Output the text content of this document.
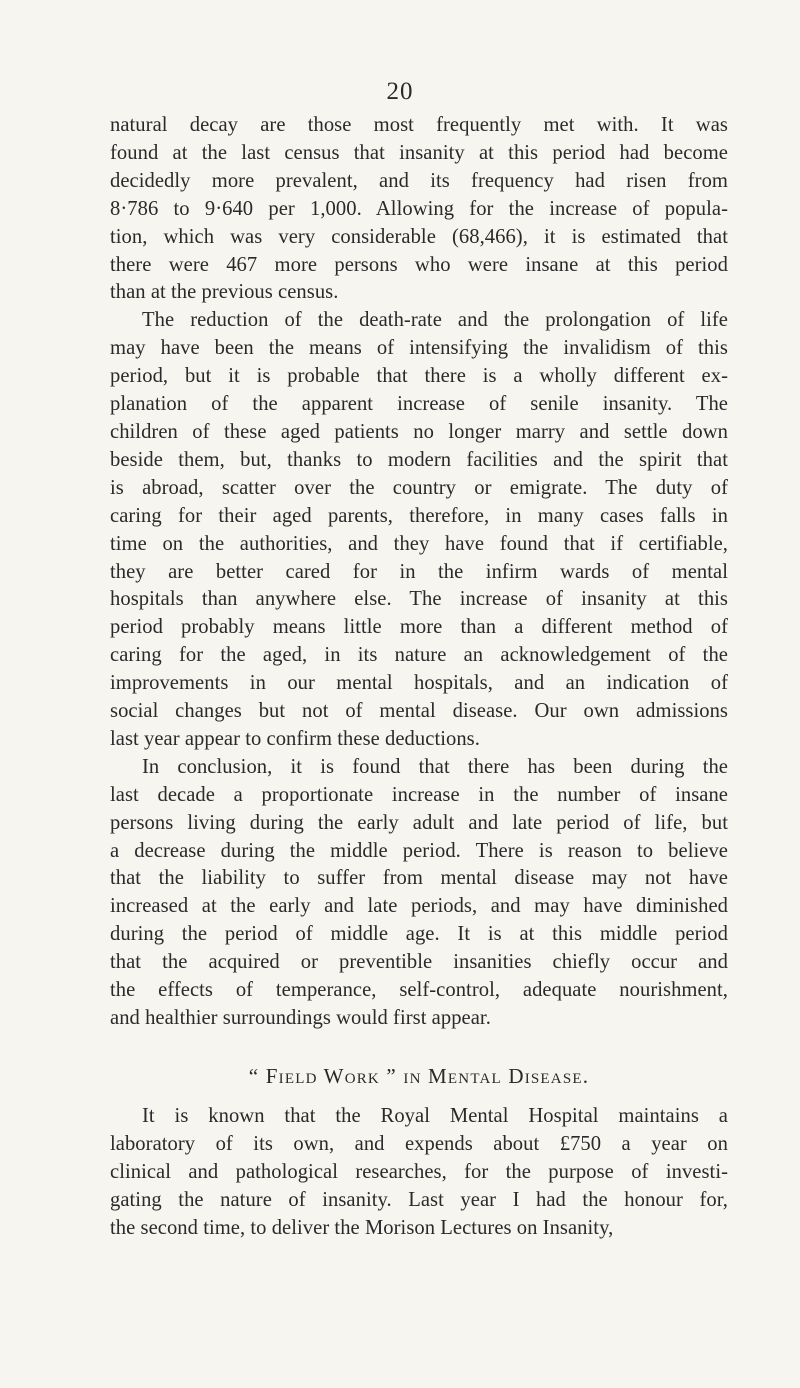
20
natural decay are those most frequently met with. It was
found at the last census that insanity at this period had become
decidedly more prevalent, and its frequency had risen from
8·786 to 9·640 per 1,000. Allowing for the increase of popula-
tion, which was very considerable (68,466), it is estimated that
there were 467 more persons who were insane at this period
than at the previous census.
The reduction of the death-rate and the prolongation of life
may have been the means of intensifying the invalidism of this
period, but it is probable that there is a wholly different ex-
planation of the apparent increase of senile insanity. The
children of these aged patients no longer marry and settle down
beside them, but, thanks to modern facilities and the spirit that
is abroad, scatter over the country or emigrate. The duty of
caring for their aged parents, therefore, in many cases falls in
time on the authorities, and they have found that if certifiable,
they are better cared for in the infirm wards of mental
hospitals than anywhere else. The increase of insanity at this
period probably means little more than a different method of
caring for the aged, in its nature an acknowledgement of the
improvements in our mental hospitals, and an indication of
social changes but not of mental disease. Our own admissions
last year appear to confirm these deductions.
In conclusion, it is found that there has been during the
last decade a proportionate increase in the number of insane
persons living during the early adult and late period of life, but
a decrease during the middle period. There is reason to believe
that the liability to suffer from mental disease may not have
increased at the early and late periods, and may have diminished
during the period of middle age. It is at this middle period
that the acquired or preventible insanities chiefly occur and
the effects of temperance, self-control, adequate nourishment,
and healthier surroundings would first appear.
“ Field Work ” in Mental Disease.
It is known that the Royal Mental Hospital maintains a
laboratory of its own, and expends about £750 a year on
clinical and pathological researches, for the purpose of investi-
gating the nature of insanity. Last year I had the honour for,
the second time, to deliver the Morison Lectures on Insanity,
